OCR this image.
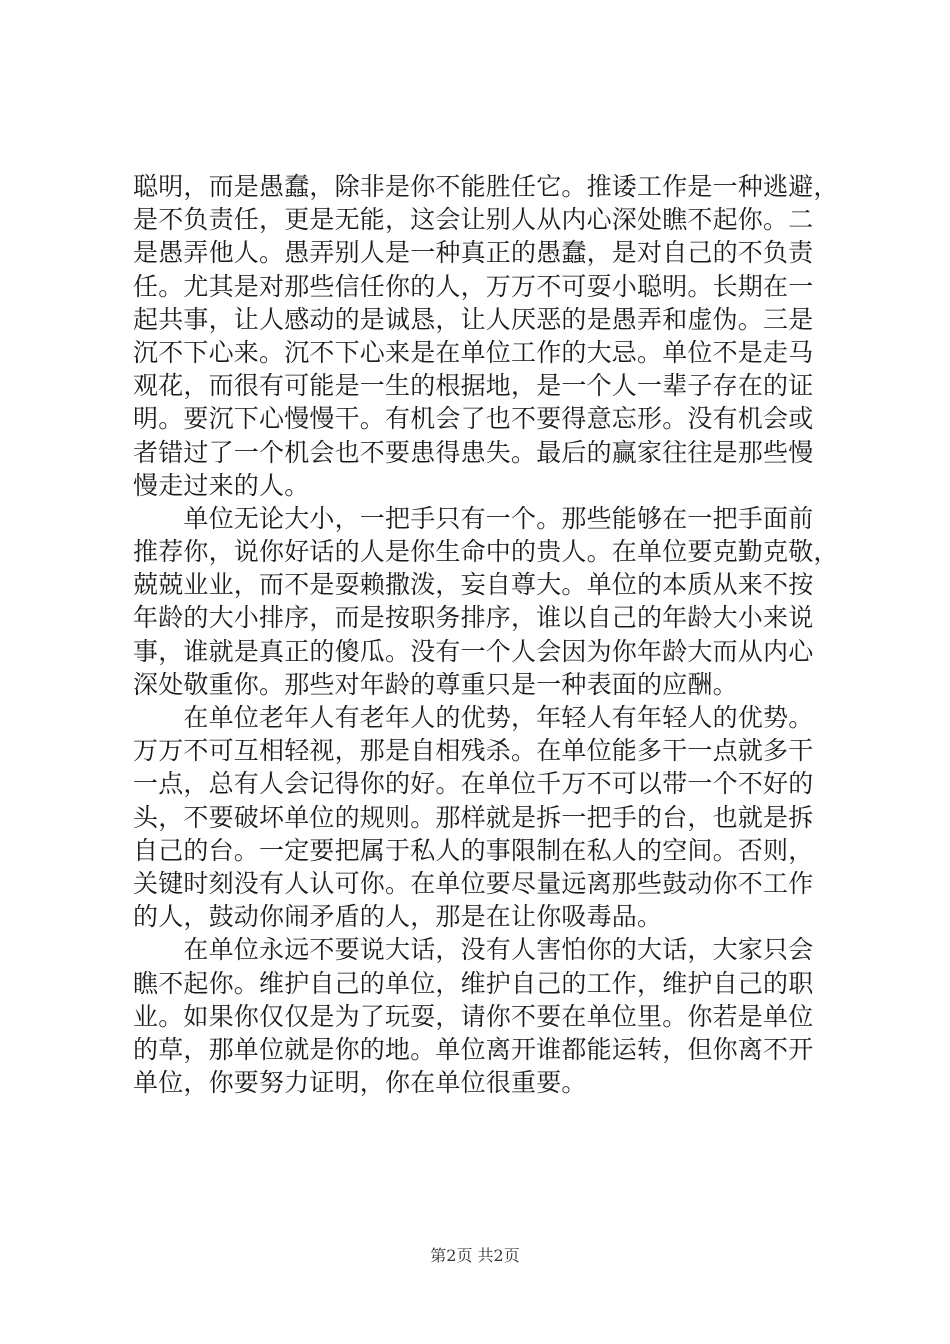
聪明，而是愚蠢，除非是你不能胜任它。推诿工作是一种逃避，
是不负责任，更是无能，这会让别人从内心深处瞧不起你。二
是愚弄他人。愚弄别人是一种真正的愚蠢，是对自己的不负责
任。尤其是对那些信任你的人，万万不可耍小聪明。长期在一
起共事，让人感动的是诚恳，让人厌恶的是愚弄和虚伪。三是
沉不下心来。沉不下心来是在单位工作的大忌。单位不是走马
观花，而很有可能是一生的根据地，是一个人一辈子存在的证
明。要沉下心慢慢干。有机会了也不要得意忘形。没有机会或
者错过了一个机会也不要患得患失。最后的赢家往往是那些慢
慢走过来的人。
　　单位无论大小，一把手只有一个。那些能够在一把手面前
推荐你，说你好话的人是你生命中的贵人。在单位要克勤克敬，
兢兢业业，而不是耍赖撒泼，妄自尊大。单位的本质从来不按
年龄的大小排序，而是按职务排序，谁以自己的年龄大小来说
事，谁就是真正的傻瓜。没有一个人会因为你年龄大而从内心
深处敬重你。那些对年龄的尊重只是一种表面的应酬。
　　在单位老年人有老年人的优势，年轻人有年轻人的优势。
万万不可互相轻视，那是自相残杀。在单位能多干一点就多干
一点，总有人会记得你的好。在单位千万不可以带一个不好的
头，不要破坏单位的规则。那样就是拆一把手的台，也就是拆
自己的台。一定要把属于私人的事限制在私人的空间。否则，
关键时刻没有人认可你。在单位要尽量远离那些鼓动你不工作
的人，鼓动你闹矛盾的人，那是在让你吸毒品。
　　在单位永远不要说大话，没有人害怕你的大话，大家只会
瞧不起你。维护自己的单位，维护自己的工作，维护自己的职
业。如果你仅仅是为了玩耍，请你不要在单位里。你若是单位
的草，那单位就是你的地。单位离开谁都能运转，但你离不开
单位，你要努力证明，你在单位很重要。
第2页 共2页
